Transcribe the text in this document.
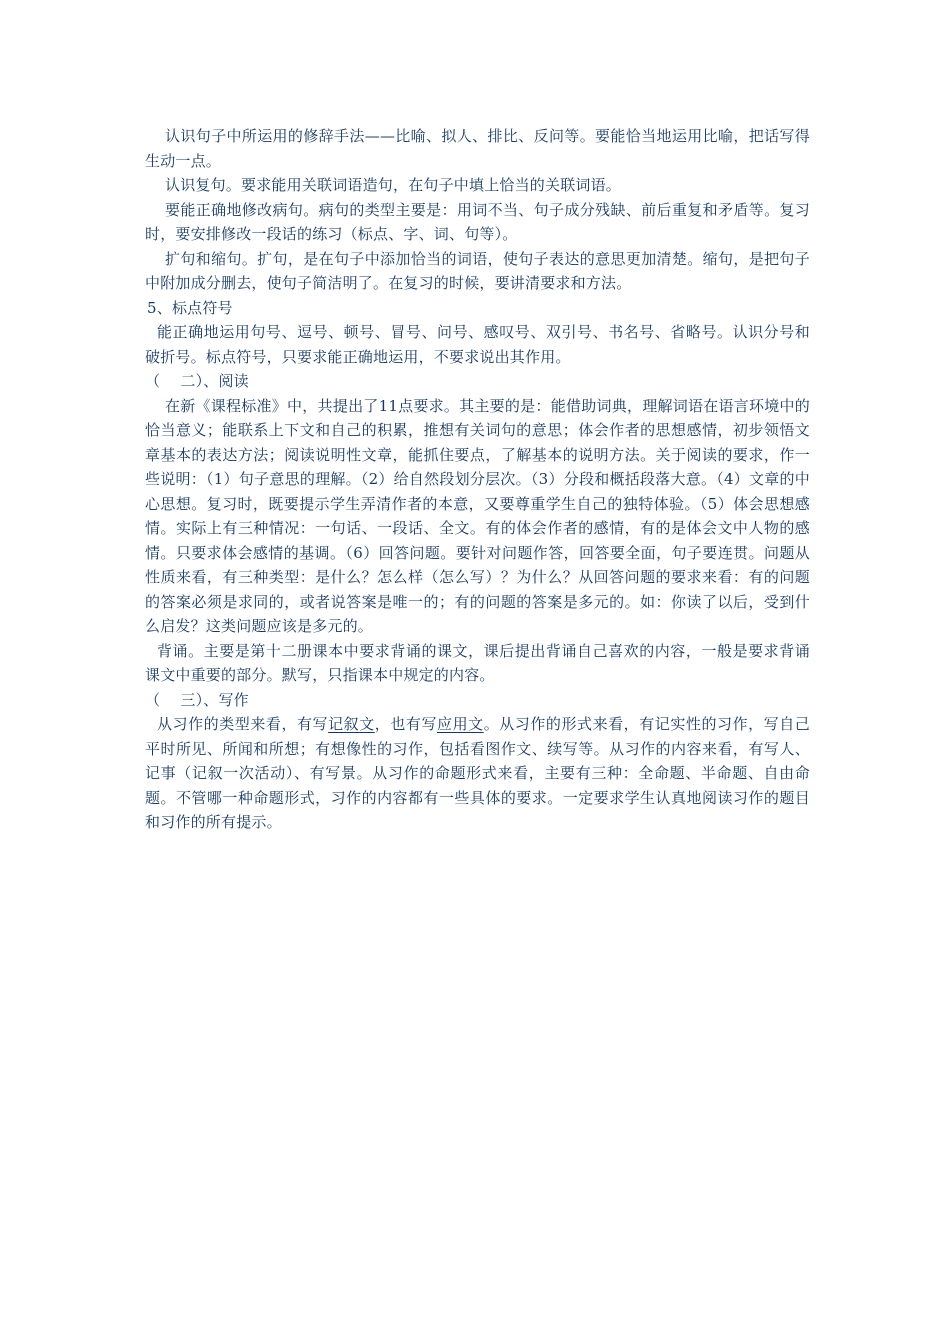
认识句子中所运用的修辞手法——比喻、拟人、排比、反问等。要能恰当地运用比喻，把话写得生动一点。

认识复句。要求能用关联词语造句，在句子中填上恰当的关联词语。

要能正确地修改病句。病句的类型主要是：用词不当、句子成分残缺、前后重复和矛盾等。复习时，要安排修改一段话的练习（标点、字、词、句等）。

扩句和缩句。扩句，是在句子中添加恰当的词语，使句子表达的意思更加清楚。缩句，是把句子中附加成分删去，使句子简洁明了。在复习的时候，要讲清要求和方法。

5、标点符号

能正确地运用句号、逗号、顿号、冒号、问号、感叹号、双引号、书名号、省略号。认识分号和破折号。标点符号，只要求能正确地运用，不要求说出其作用。

（　 二）、阅读

在新《课程标准》中，共提出了11点要求。其主要的是：能借助词典，理解词语在语言环境中的恰当意义；能联系上下文和自己的积累，推想有关词句的意思；体会作者的思想感情，初步领悟文章基本的表达方法；阅读说明性文章，能抓住要点，了解基本的说明方法。关于阅读的要求，作一些说明：（1）句子意思的理解。（2）给自然段划分层次。（3）分段和概括段落大意。（4）文章的中心思想。复习时，既要提示学生弄清作者的本意，又要尊重学生自己的独特体验。（5）体会思想感情。实际上有三种情况：一句话、一段话、全文。有的体会作者的感情，有的是体会文中人物的感情。只要求体会感情的基调。（6）回答问题。要针对问题作答，回答要全面，句子要连贯。问题从性质来看，有三种类型：是什么？怎么样（怎么写）？为什么？从回答问题的要求来看：有的问题的答案必须是求同的，或者说答案是唯一的；有的问题的答案是多元的。如：你读了以后，受到什么启发？这类问题应该是多元的。

背诵。主要是第十二册课本中要求背诵的课文，课后提出背诵自己喜欢的内容，一般是要求背诵课文中重要的部分。默写，只指课本中规定的内容。

（　 三）、写作

从习作的类型来看，有写记叙文，也有写应用文。从习作的形式来看，有记实性的习作，写自己平时所见、所闻和所想；有想像性的习作，包括看图作文、续写等。从习作的内容来看，有写人、记事（记叙一次活动）、有写景。从习作的命题形式来看，主要有三种：全命题、半命题、自由命题。不管哪一种命题形式，习作的内容都有一些具体的要求。一定要求学生认真地阅读习作的题目和习作的所有提示。
